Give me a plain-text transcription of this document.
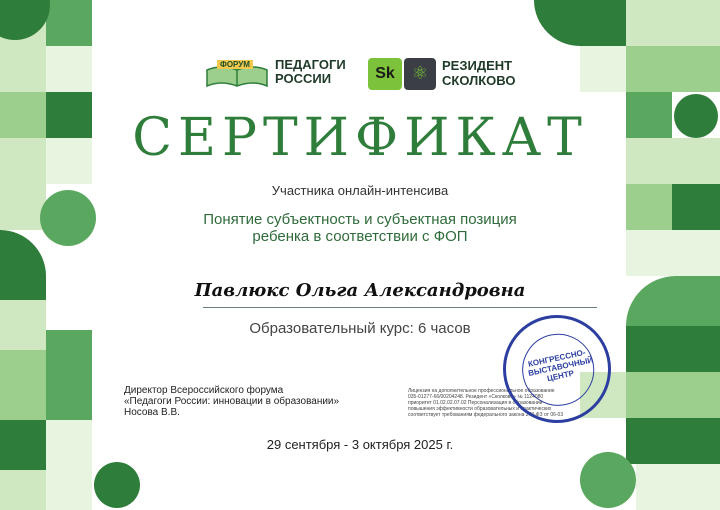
ФОРУМ ПЕДАГОГИ
РОССИИ	Sk ⚛	РЕЗИДЕНТ
СКОЛКОВО
СЕРТИФИКАТ
Участника онлайн-интенсива
Понятие субъектность и субъектная позиция
ребенка в соответствии с ФОП
Павлюкс Ольга Александровна
Образовательный курс: 6 часов
Директор Всероссийского форума
«Педагоги России: инновации в образовании»
Носова В.В.
Лицензия на дополнительное профессиональное образование
035-01277-66/00204248. Резидент «Сколково» № 1124080
приоритет 01.02.02.07.02 Персонализация в образовании
повышения эффективности образовательных и практических
соответствует требованиям федерального закона 273-ФЗ от 06-03
КОНГРЕССНО- ВЫСТАВОЧНЫЙ ЦЕНТР
29 сентября - 3 октября 2025 г.
